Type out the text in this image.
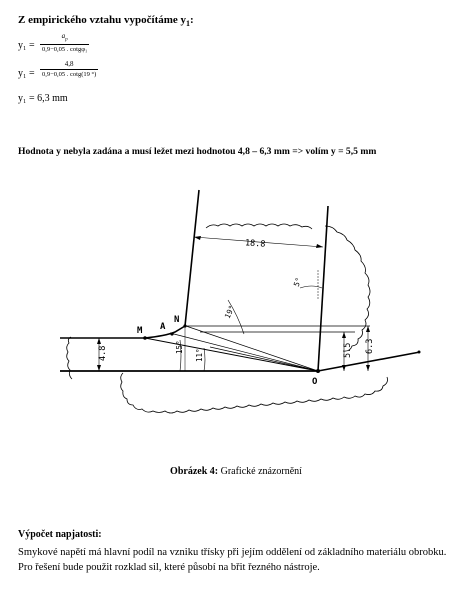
Z empirického vztahu vypočítáme $y_1$:
y₁ =
$a_p$
0,9−0,05 . cotgφ₁
y₁ =
4,8
0,9−0,05 . cotg(19 °)
y₁ = 6,3 mm
Hodnota y nebyla zadána a musí ležet mezi hodnotou 4,8 – 6,3 mm => volím y = 5,5 mm
18.8
5°
19°
15°
11°
4.8	5.5 6.3
M A
N
O
Obrázek 4: Grafické znázornění
Výpočet napjatosti:
Smykové napětí má hlavní podíl na vzniku třísky při jejím oddělení od základního materiálu obrobku. Pro řešení bude použit rozklad sil, které působí na břit řezného nástroje.
